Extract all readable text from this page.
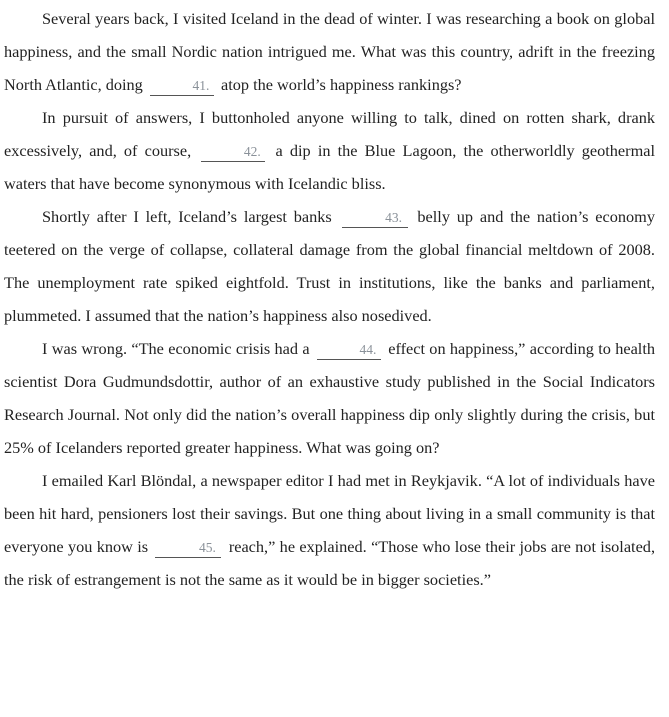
Several years back, I visited Iceland in the dead of winter. I was researching a book on global happiness, and the small Nordic nation intrigued me. What was this country, adrift in the freezing North Atlantic, doing	41. atop the world’s happiness rankings?

In pursuit of answers, I buttonholed anyone willing to talk, dined on rotten shark, drank excessively, and, of course,	42. a dip in the Blue Lagoon, the otherworldly geothermal waters that have become synonymous with Icelandic bliss.

Shortly after I left, Iceland’s largest banks	43. belly up and the nation’s economy teetered on the verge of collapse, collateral damage from the global financial meltdown of 2008. The unemployment rate spiked eightfold. Trust in institutions, like the banks and parliament, plummeted. I assumed that the nation’s happiness also nosedived.

I was wrong. “The economic crisis had a	44. effect on happiness,” according to health scientist Dora Gudmundsdottir, author of an exhaustive study published in the Social Indicators Research Journal. Not only did the nation’s overall happiness dip only slightly during the crisis, but 25% of Icelanders reported greater happiness. What was going on?

I emailed Karl Blöndal, a newspaper editor I had met in Reykjavik. “A lot of individuals have been hit hard, pensioners lost their savings. But one thing about living in a small community is that everyone you know is	45. reach,” he explained. “Those who lose their jobs are not isolated, the risk of estrangement is not the same as it would be in bigger societies.”
